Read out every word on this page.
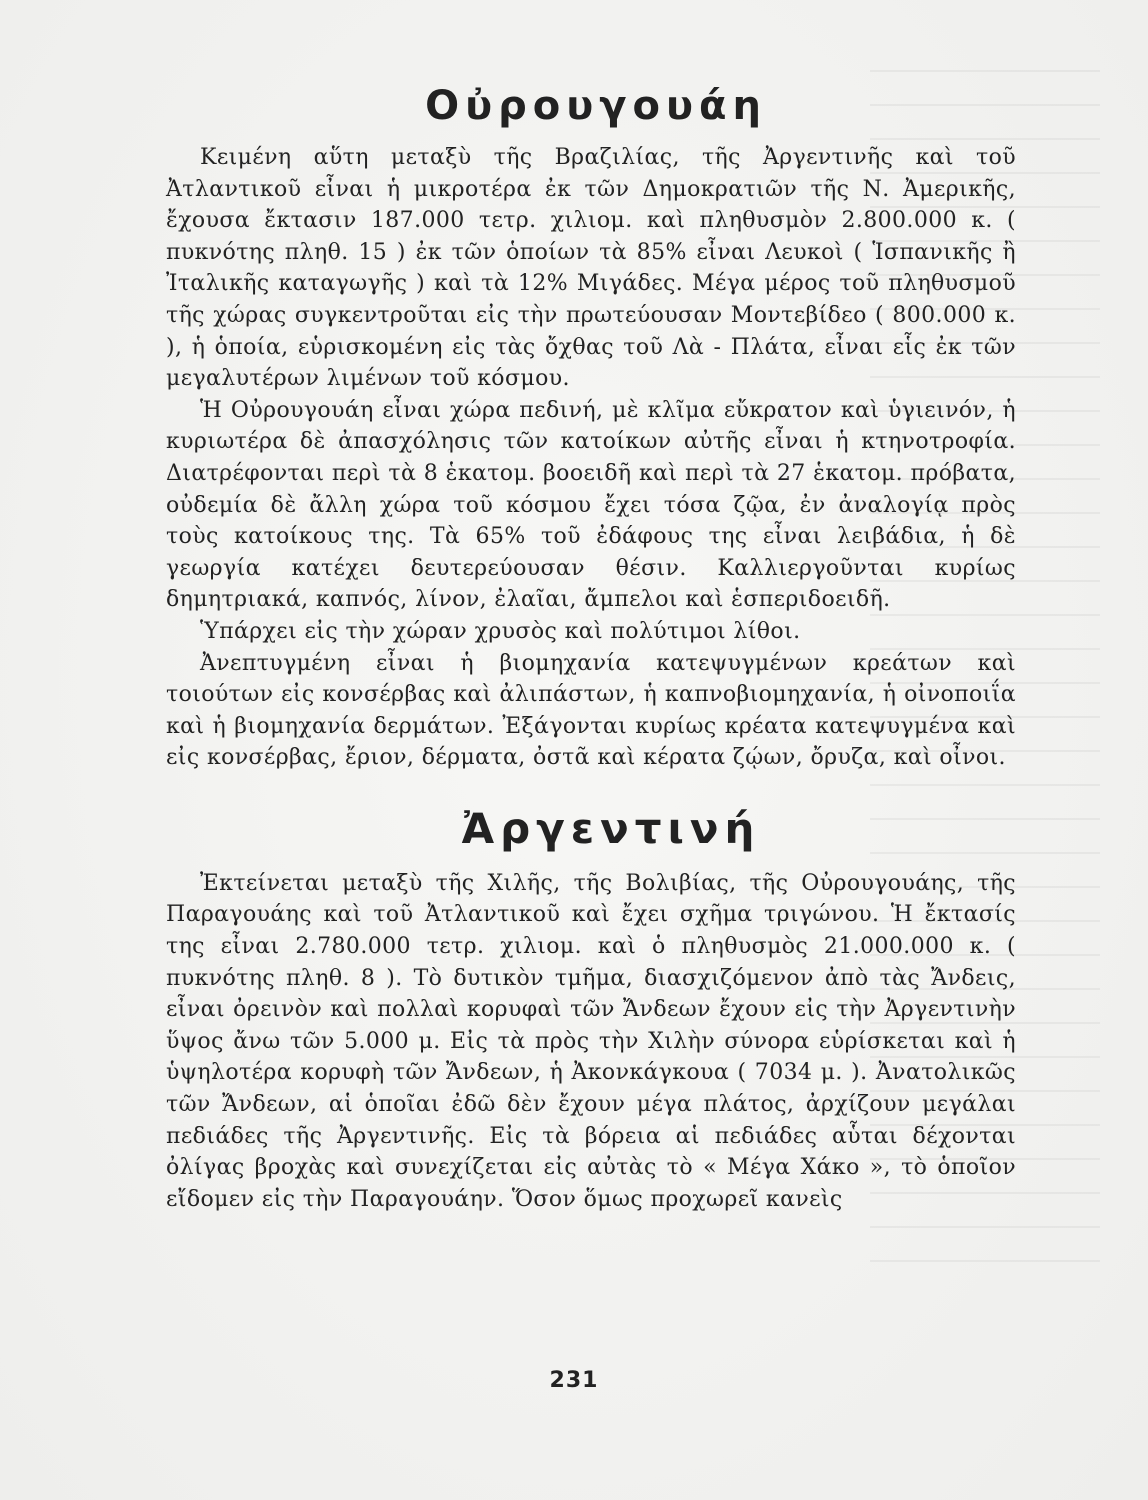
Οὐρουγουάη

Κειμένη αὕτη μεταξὺ τῆς Βραζιλίας, τῆς Ἀργεντινῆς καὶ τοῦ Ἀτλαντικοῦ εἶναι ἡ μικροτέρα ἐκ τῶν Δημοκρατιῶν τῆς Ν. Ἀμερικῆς, ἔχουσα ἔκτασιν 187.000 τετρ. χιλιομ. καὶ πληθυσμὸν 2.800.000 κ. ( πυκνότης πληθ. 15 ) ἐκ τῶν ὁποίων τὰ 85% εἶναι Λευκοὶ ( Ἱσπανικῆς ἢ Ἰταλικῆς καταγωγῆς ) καὶ τὰ 12% Μιγάδες. Μέγα μέρος τοῦ πληθυσμοῦ τῆς χώρας συγκεντροῦται εἰς τὴν πρωτεύουσαν Μοντεβίδεο ( 800.000 κ. ), ἡ ὁποία, εὑρισκομένη εἰς τὰς ὄχθας τοῦ Λὰ - Πλάτα, εἶναι εἷς ἐκ τῶν μεγαλυτέρων λιμένων τοῦ κόσμου.

Ἡ Οὐρουγουάη εἶναι χώρα πεδινή, μὲ κλῖμα εὔκρατον καὶ ὑγιεινόν, ἡ κυριωτέρα δὲ ἀπασχόλησις τῶν κατοίκων αὐτῆς εἶναι ἡ κτηνοτροφία. Διατρέφονται περὶ τὰ 8 ἑκατομ. βοοειδῆ καὶ περὶ τὰ 27 ἑκατομ. πρόβατα, οὐδεμία δὲ ἄλλη χώρα τοῦ κόσμου ἔχει τόσα ζῷα, ἐν ἀναλογίᾳ πρὸς τοὺς κατοίκους της. Τὰ 65% τοῦ ἐδάφους της εἶναι λειβάδια, ἡ δὲ γεωργία κατέχει δευτερεύουσαν θέσιν. Καλλιεργοῦνται κυρίως δημητριακά, καπνός, λίνον, ἐλαῖαι, ἄμπελοι καὶ ἑσπεριδοειδῆ.

Ὑπάρχει εἰς τὴν χώραν χρυσὸς καὶ πολύτιμοι λίθοι.

Ἀνεπτυγμένη εἶναι ἡ βιομηχανία κατεψυγμένων κρεάτων καὶ τοιούτων εἰς κονσέρβας καὶ ἀλιπάστων, ἡ καπνοβιομηχανία, ἡ οἰνοποιΐα καὶ ἡ βιομηχανία δερμάτων. Ἐξάγονται κυρίως κρέατα κατεψυγμένα καὶ εἰς κονσέρβας, ἔριον, δέρματα, ὀστᾶ καὶ κέρατα ζῴων, ὄρυζα, καὶ οἶνοι.

Ἀργεντινή

Ἐκτείνεται μεταξὺ τῆς Χιλῆς, τῆς Βολιβίας, τῆς Οὐρουγουάης, τῆς Παραγουάης καὶ τοῦ Ἀτλαντικοῦ καὶ ἔχει σχῆμα τριγώνου. Ἡ ἔκτασίς της εἶναι 2.780.000 τετρ. χιλιομ. καὶ ὁ πληθυσμὸς 21.000.000 κ. ( πυκνότης πληθ. 8 ). Τὸ δυτικὸν τμῆμα, διασχιζόμενον ἀπὸ τὰς Ἄνδεις, εἶναι ὀρεινὸν καὶ πολλαὶ κορυφαὶ τῶν Ἄνδεων ἔχουν εἰς τὴν Ἀργεντινὴν ὕψος ἄνω τῶν 5.000 μ. Εἰς τὰ πρὸς τὴν Χιλὴν σύνορα εὑρίσκεται καὶ ἡ ὑψηλοτέρα κορυφὴ τῶν Ἄνδεων, ἡ Ἀκονκάγκουα ( 7034 μ. ). Ἀνατολικῶς τῶν Ἄνδεων, αἱ ὁποῖαι ἐδῶ δὲν ἔχουν μέγα πλάτος, ἀρχίζουν μεγάλαι πεδιάδες τῆς Ἀργεντινῆς. Εἰς τὰ βόρεια αἱ πεδιάδες αὗται δέχονται ὀλίγας βροχὰς καὶ συνεχίζεται εἰς αὐτὰς τὸ « Μέγα Χάκο », τὸ ὁποῖον εἴδομεν εἰς τὴν Παραγουάην. Ὅσον ὅμως προχωρεῖ κανεὶς

231
